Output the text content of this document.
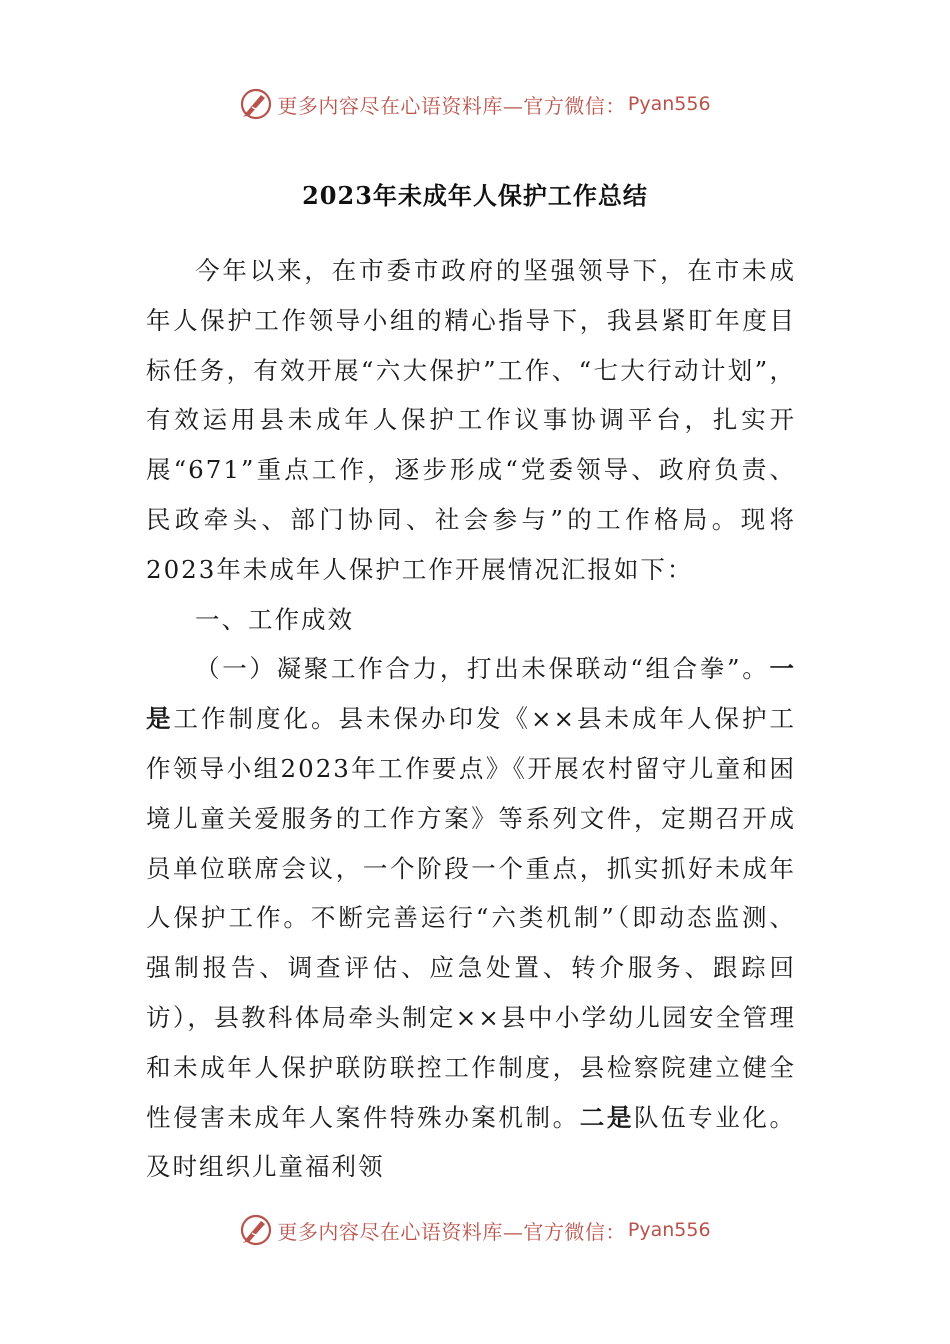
更多内容尽在心语资料库—官方微信： Pyan556
2023年未成年人保护工作总结

今年以来，在市委市政府的坚强领导下，在市未成年人保护工作领导小组的精心指导下，我县紧盯年度目标任务，有效开展“六大保护”工作、“七大行动计划”，有效运用县未成年人保护工作议事协调平台，扎实开展“671”重点工作，逐步形成“党委领导、政府负责、民政牵头、部门协同、社会参与”的工作格局。现将2023年未成年人保护工作开展情况汇报如下：

一、工作成效

（一）凝聚工作合力，打出未保联动“组合拳”。一是工作制度化。县未保办印发《××县未成年人保护工作领导小组2023年工作要点》《开展农村留守儿童和困境儿童关爱服务的工作方案》等系列文件，定期召开成员单位联席会议，一个阶段一个重点，抓实抓好未成年人保护工作。不断完善运行“六类机制”（即动态监测、强制报告、调查评估、应急处置、转介服务、跟踪回访），县教科体局牵头制定××县中小学幼儿园安全管理和未成年人保护联防联控工作制度，县检察院建立健全性侵害未成年人案件特殊办案机制。二是队伍专业化。及时组织儿童福利领

更多内容尽在心语资料库—官方微信： Pyan556
